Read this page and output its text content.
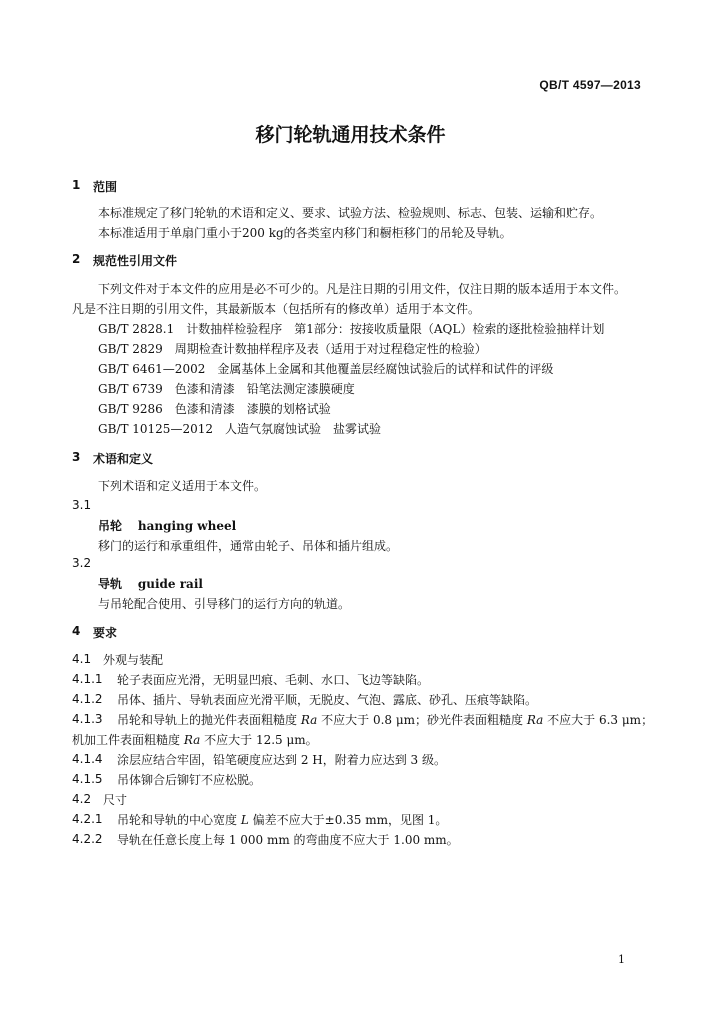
QB/T 4597—2013
移门轮轨通用技术条件
1 范围
本标准规定了移门轮轨的术语和定义、要求、试验方法、检验规则、标志、包装、运输和贮存。
本标准适用于单扇门重小于200 kg的各类室内移门和橱柜移门的吊轮及导轨。
2 规范性引用文件
下列文件对于本文件的应用是必不可少的。凡是注日期的引用文件，仅注日期的版本适用于本文件。
凡是不注日期的引用文件，其最新版本（包括所有的修改单）适用于本文件。
GB/T 2828.1　计数抽样检验程序　第1部分：按接收质量限（AQL）检索的逐批检验抽样计划
GB/T 2829　周期检查计数抽样程序及表（适用于对过程稳定性的检验）
GB/T 6461—2002　金属基体上金属和其他覆盖层经腐蚀试验后的试样和试件的评级
GB/T 6739　色漆和清漆　铅笔法测定漆膜硬度
GB/T 9286　色漆和清漆　漆膜的划格试验
GB/T 10125—2012　人造气氛腐蚀试验　盐雾试验
3 术语和定义
下列术语和定义适用于本文件。
3.1
吊轮 hanging wheel
移门的运行和承重组件，通常由轮子、吊体和插片组成。
3.2
导轨 guide rail
与吊轮配合使用、引导移门的运行方向的轨道。
4 要求
4.1 外观与装配
4.1.1 轮子表面应光滑，无明显凹痕、毛刺、水口、飞边等缺陷。
4.1.2 吊体、插片、导轨表面应光滑平顺，无脱皮、气泡、露底、砂孔、压痕等缺陷。
4.1.3 吊轮和导轨上的抛光件表面粗糙度 Ra 不应大于 0.8 μm；砂光件表面粗糙度 Ra 不应大于 6.3 μm；
机加工件表面粗糙度 Ra 不应大于 12.5 μm。
4.1.4 涂层应结合牢固，铅笔硬度应达到 2 H，附着力应达到 3 级。
4.1.5 吊体铆合后铆钉不应松脱。
4.2 尺寸
4.2.1 吊轮和导轨的中心宽度 L 偏差不应大于±0.35 mm，见图 1。
4.2.2 导轨在任意长度上每 1 000 mm 的弯曲度不应大于 1.00 mm。
1
